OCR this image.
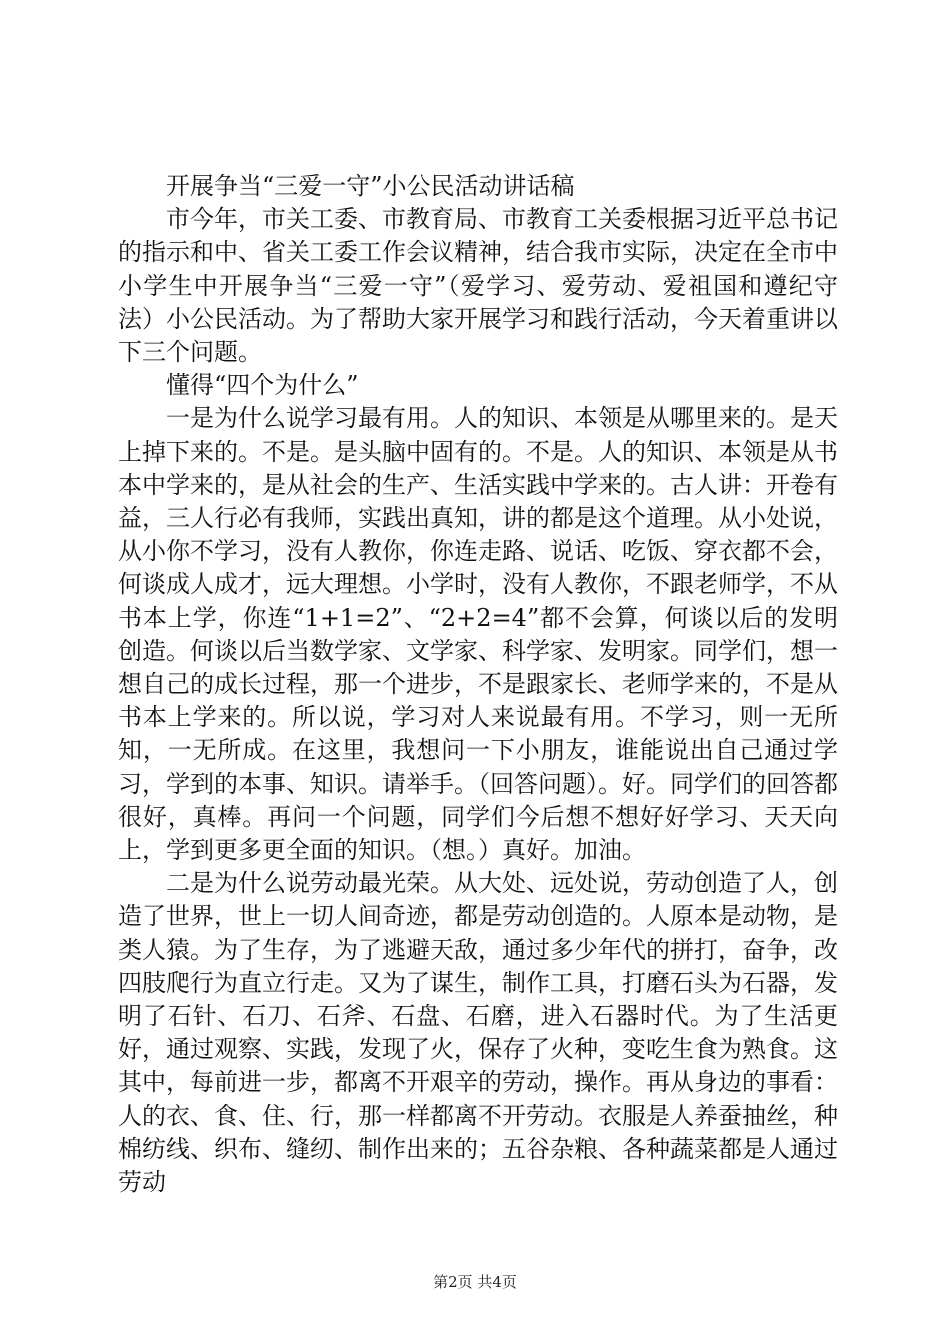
开展争当“三爱一守”小公民活动讲话稿

市今年，市关工委、市教育局、市教育工关委根据习近平总书记的指示和中、省关工委工作会议精神，结合我市实际，决定在全市中小学生中开展争当“三爱一守”（爱学习、爱劳动、爱祖国和遵纪守法）小公民活动。为了帮助大家开展学习和践行活动，今天着重讲以下三个问题。

懂得“四个为什么”

一是为什么说学习最有用。人的知识、本领是从哪里来的。是天上掉下来的。不是。是头脑中固有的。不是。人的知识、本领是从书本中学来的，是从社会的生产、生活实践中学来的。古人讲：开卷有益，三人行必有我师，实践出真知，讲的都是这个道理。从小处说，从小你不学习，没有人教你，你连走路、说话、吃饭、穿衣都不会，何谈成人成才，远大理想。小学时，没有人教你，不跟老师学，不从书本上学，你连“1+1=2”、“2+2=4”都不会算，何谈以后的发明创造。何谈以后当数学家、文学家、科学家、发明家。同学们，想一想自己的成长过程，那一个进步，不是跟家长、老师学来的，不是从书本上学来的。所以说，学习对人来说最有用。不学习，则一无所知，一无所成。在这里，我想问一下小朋友，谁能说出自己通过学习，学到的本事、知识。请举手。（回答问题）。好。同学们的回答都很好，真棒。再问一个问题，同学们今后想不想好好学习、天天向上，学到更多更全面的知识。（想。）真好。加油。

二是为什么说劳动最光荣。从大处、远处说，劳动创造了人，创造了世界，世上一切人间奇迹，都是劳动创造的。人原本是动物，是类人猿。为了生存，为了逃避天敌，通过多少年代的拼打，奋争，改四肢爬行为直立行走。又为了谋生，制作工具，打磨石头为石器，发明了石针、石刀、石斧、石盘、石磨，进入石器时代。为了生活更好，通过观察、实践，发现了火，保存了火种，变吃生食为熟食。这其中，每前进一步，都离不开艰辛的劳动，操作。再从身边的事看：人的衣、食、住、行，那一样都离不开劳动。衣服是人养蚕抽丝，种棉纺线、织布、缝纫、制作出来的；五谷杂粮、各种蔬菜都是人通过劳动

第2页 共4页
